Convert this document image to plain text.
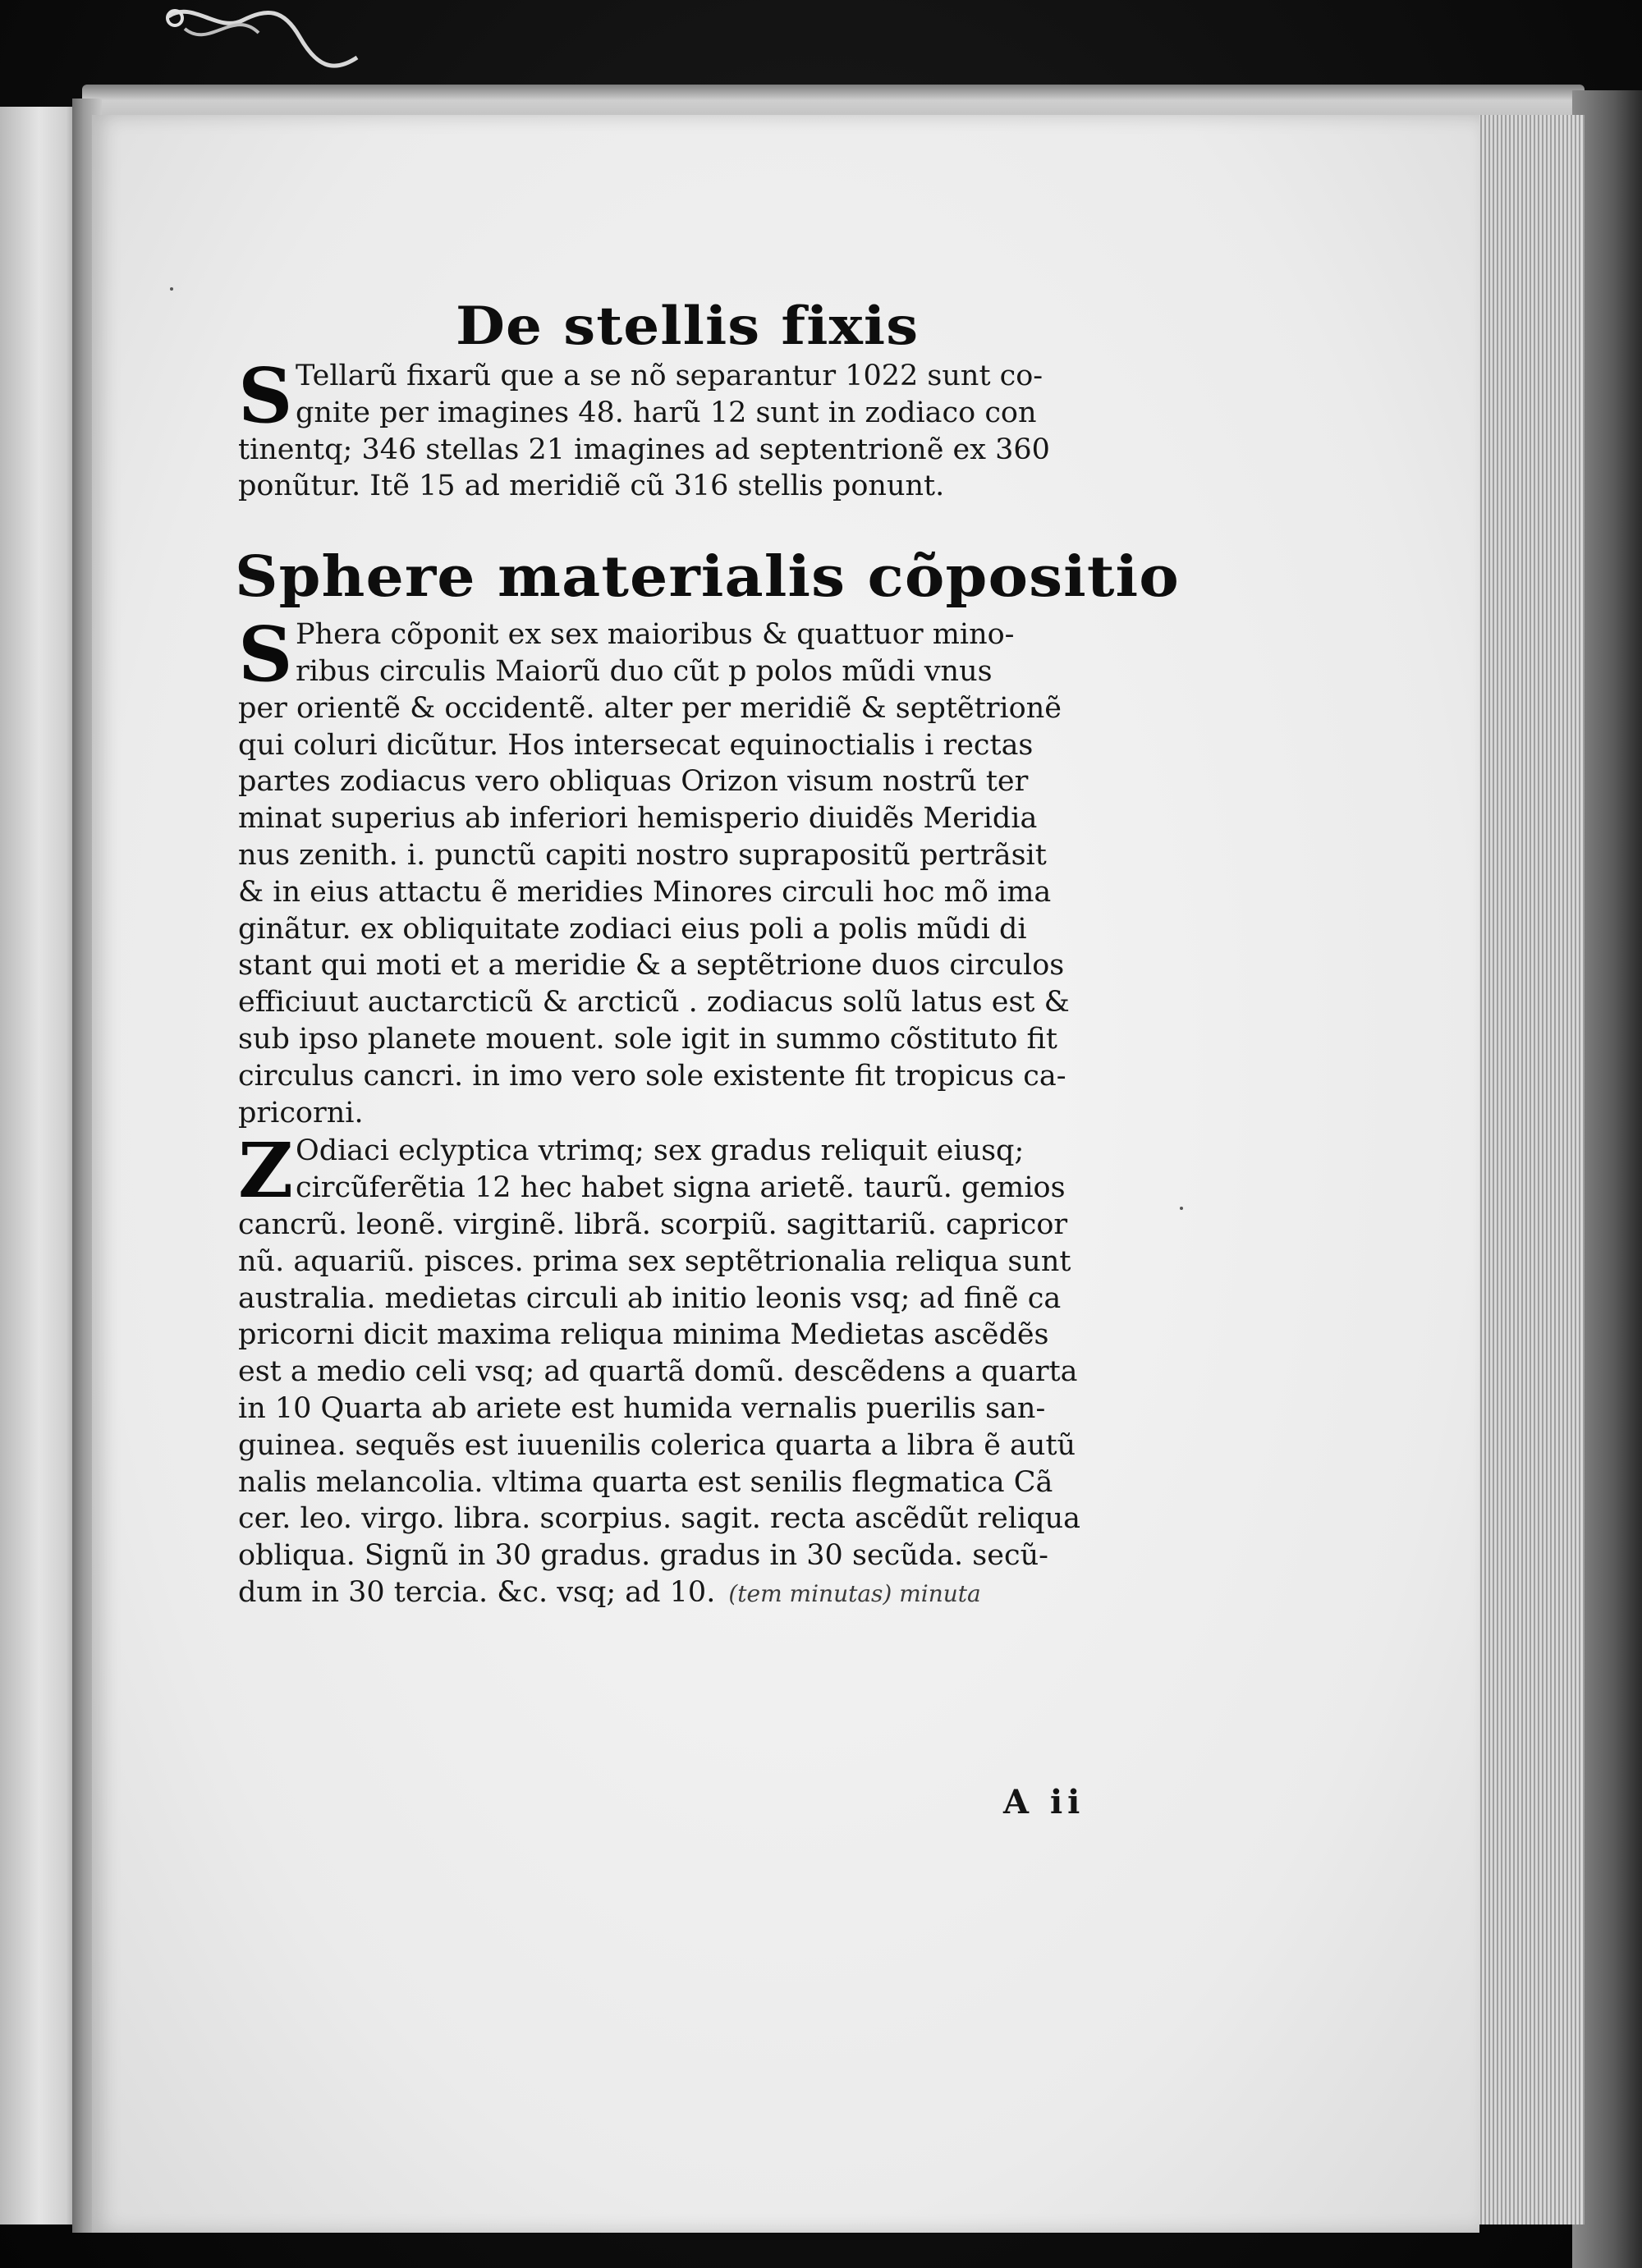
De stellis fixis
S Tellarũ fixarũ que a se nõ separantur 1022 sunt co-
gnite per imagines 48. harũ 12 sunt in zodiaco con
tinentq; 346 stellas 21 imagines ad septentrionẽ ex 360
ponũtur. Itẽ 15 ad meridiẽ cũ 316 stellis ponunt.
Sphere materialis cõpositio
S Phera cõponit ex sex maioribus & quattuor mino-
ribus circulis Maiorũ duo cũt p polos mũdi vnus
per orientẽ & occidentẽ. alter per meridiẽ & septẽtrionẽ
qui coluri dicũtur. Hos intersecat equinoctialis i rectas
partes zodiacus vero obliquas Orizon visum nostrũ ter
minat superius ab inferiori hemisperio diuidẽs Meridia
nus zenith. i. punctũ capiti nostro suprapositũ pertrãsit
& in eius attactu ẽ meridies Minores circuli hoc mõ ima
ginãtur. ex obliquitate zodiaci eius poli a polis mũdi di
stant qui moti et a meridie & a septẽtrione duos circulos
efficiuut auctarcticũ & arcticũ . zodiacus solũ latus est &
sub ipso planete mouent. sole igit in summo cõstituto fit
circulus cancri. in imo vero sole existente fit tropicus ca-
pricorni.
Z Odiaci eclyptica vtrimq; sex gradus reliquit eiusq;
circũferẽtia 12 hec habet signa arietẽ. taurũ. gemios
cancrũ. leonẽ. virginẽ. librã. scorpiũ. sagittariũ. capricor
nũ. aquariũ. pisces. prima sex septẽtrionalia reliqua sunt
australia. medietas circuli ab initio leonis vsq; ad finẽ ca
pricorni dicit maxima reliqua minima Medietas ascẽdẽs
est a medio celi vsq; ad quartã domũ. descẽdens a quarta
in 10 Quarta ab ariete est humida vernalis puerilis san-
guinea. sequẽs est iuuenilis colerica quarta a libra ẽ autũ
nalis melancolia. vltima quarta est senilis flegmatica Cã
cer. leo. virgo. libra. scorpius. sagit. recta ascẽdũt reliqua
obliqua. Signũ in 30 gradus. gradus in 30 secũda. secũ-
dum in 30 tercia. &c. vsq; ad 10. (tem minutas) minuta
A ii
